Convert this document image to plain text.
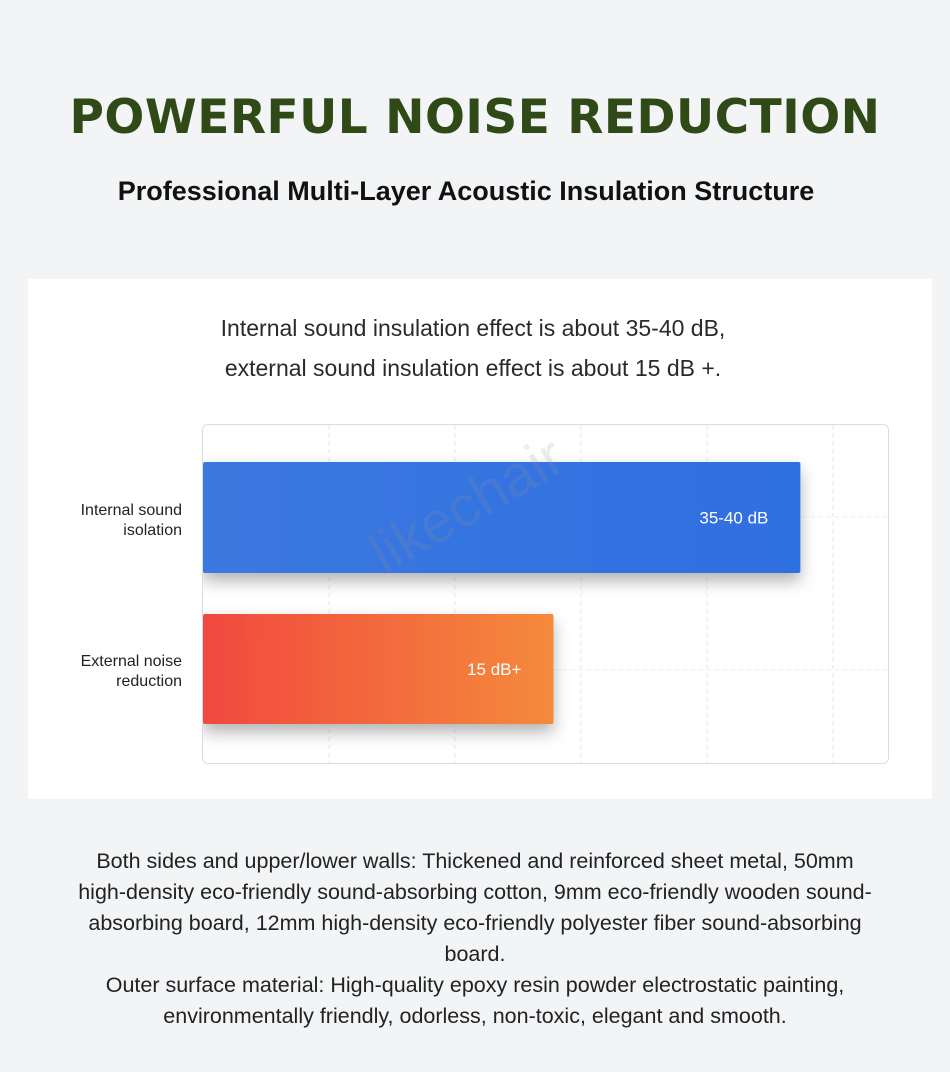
POWERFUL NOISE REDUCTION
Professional Multi-Layer Acoustic Insulation Structure
Internal sound insulation effect is about 35-40 dB,
external sound insulation effect is about 15 dB +.
Internal sound
isolation
External noise
reduction
35-40 dB
15 dB+

Both sides and upper/lower walls: Thickened and reinforced sheet metal, 50mm high-density eco-friendly sound-absorbing cotton, 9mm eco-friendly wooden sound-absorbing board, 12mm high-density eco-friendly polyester fiber sound-absorbing board.

Outer surface material: High-quality epoxy resin powder electrostatic painting, environmentally friendly, odorless, non-toxic, elegant and smooth.
